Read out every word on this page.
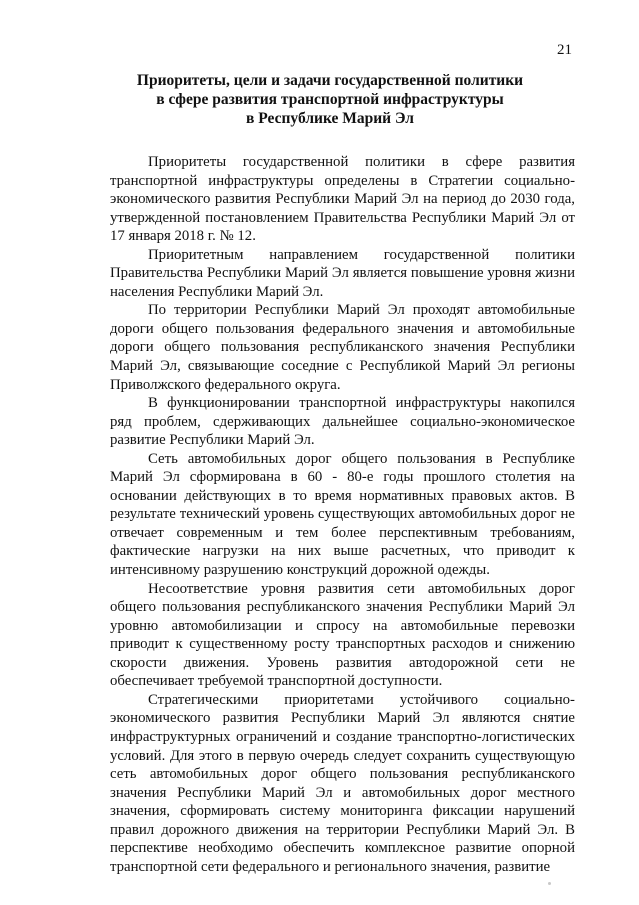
21
Приоритеты, цели и задачи государственной политики
в сфере развития транспортной инфраструктуры
в Республике Марий Эл

Приоритеты государственной политики в сфере развития транспортной инфраструктуры определены в Стратегии социально-экономического развития Республики Марий Эл на период до 2030 года, утвержденной постановлением Правительства Республики Марий Эл от 17 января 2018 г. № 12.

Приоритетным направлением государственной политики Правительства Республики Марий Эл является повышение уровня жизни населения Республики Марий Эл.

По территории Республики Марий Эл проходят автомобильные дороги общего пользования федерального значения и автомобильные дороги общего пользования республиканского значения Республики Марий Эл, связывающие соседние с Республикой Марий Эл регионы Приволжского федерального округа.

В функционировании транспортной инфраструктуры накопился ряд проблем, сдерживающих дальнейшее социально-экономическое развитие Республики Марий Эл.

Сеть автомобильных дорог общего пользования в Республике Марий Эл сформирована в 60 - 80-е годы прошлого столетия на основании действующих в то время нормативных правовых актов. В результате технический уровень существующих автомобильных дорог не отвечает современным и тем более перспективным требованиям, фактические нагрузки на них выше расчетных, что приводит к интенсивному разрушению конструкций дорожной одежды.

Несоответствие уровня развития сети автомобильных дорог общего пользования республиканского значения Республики Марий Эл уровню автомобилизации и спросу на автомобильные перевозки приводит к существенному росту транспортных расходов и снижению скорости движения. Уровень развития автодорожной сети не обеспечивает требуемой транспортной доступности.

Стратегическими приоритетами устойчивого социально-экономического развития Республики Марий Эл являются снятие инфраструктурных ограничений и создание транспортно-логистических условий. Для этого в первую очередь следует сохранить существующую сеть автомобильных дорог общего пользования республиканского значения Республики Марий Эл и автомобильных дорог местного значения, сформировать систему мониторинга фиксации нарушений правил дорожного движения на территории Республики Марий Эл. В перспективе необходимо обеспечить комплексное развитие опорной транспортной сети федерального и регионального значения, развитие
